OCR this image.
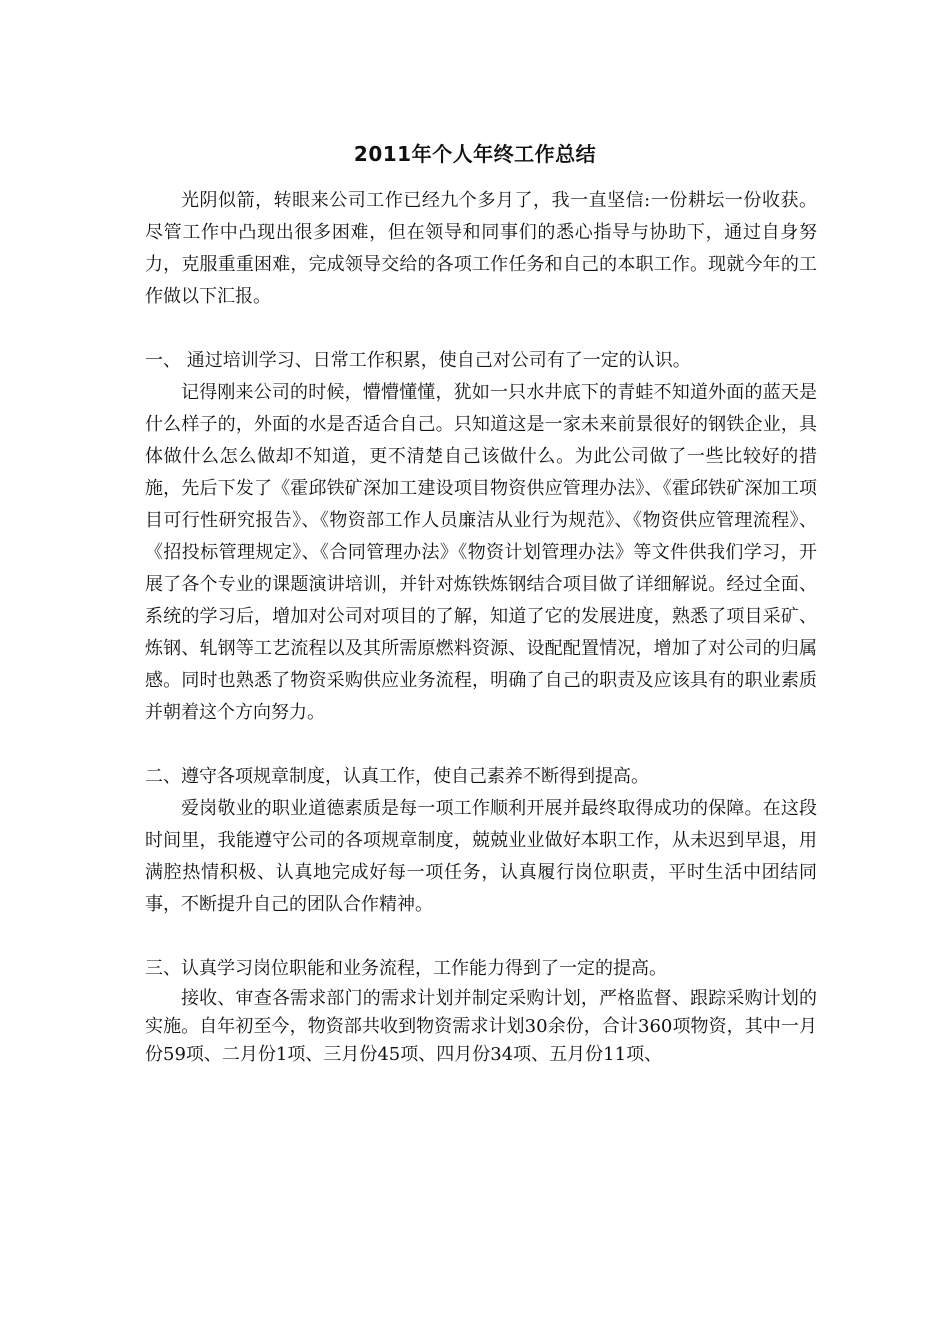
2011年个人年终工作总结

光阴似箭，转眼来公司工作已经九个多月了，我一直坚信:一份耕坛一份收获。尽管工作中凸现出很多困难，但在领导和同事们的悉心指导与协助下，通过自身努力，克服重重困难，完成领导交给的各项工作任务和自己的本职工作。现就今年的工作做以下汇报。

一、 通过培训学习、日常工作积累，使自己对公司有了一定的认识。

记得刚来公司的时候，懵懵懂懂，犹如一只水井底下的青蛙不知道外面的蓝天是什么样子的，外面的水是否适合自己。只知道这是一家未来前景很好的钢铁企业，具体做什么怎么做却不知道，更不清楚自己该做什么。为此公司做了一些比较好的措施，先后下发了《霍邱铁矿深加工建设项目物资供应管理办法》、《霍邱铁矿深加工项目可行性研究报告》、《物资部工作人员廉洁从业行为规范》、《物资供应管理流程》、《招投标管理规定》、《合同管理办法》《物资计划管理办法》等文件供我们学习，开展了各个专业的课题演讲培训，并针对炼铁炼钢结合项目做了详细解说。经过全面、系统的学习后，增加对公司对项目的了解，知道了它的发展进度，熟悉了项目采矿、炼钢、轧钢等工艺流程以及其所需原燃料资源、设配配置情况，增加了对公司的归属感。同时也熟悉了物资采购供应业务流程，明确了自己的职责及应该具有的职业素质并朝着这个方向努力。

二、遵守各项规章制度，认真工作，使自己素养不断得到提高。

爱岗敬业的职业道德素质是每一项工作顺利开展并最终取得成功的保障。在这段时间里，我能遵守公司的各项规章制度，兢兢业业做好本职工作，从未迟到早退，用满腔热情积极、认真地完成好每一项任务，认真履行岗位职责，平时生活中团结同事，不断提升自己的团队合作精神。

三、认真学习岗位职能和业务流程，工作能力得到了一定的提高。

接收、审查各需求部门的需求计划并制定采购计划，严格监督、跟踪采购计划的实施。自年初至今，物资部共收到物资需求计划30余份，合计360项物资，其中一月份59项、二月份1项、三月份45项、四月份34项、五月份11项、
